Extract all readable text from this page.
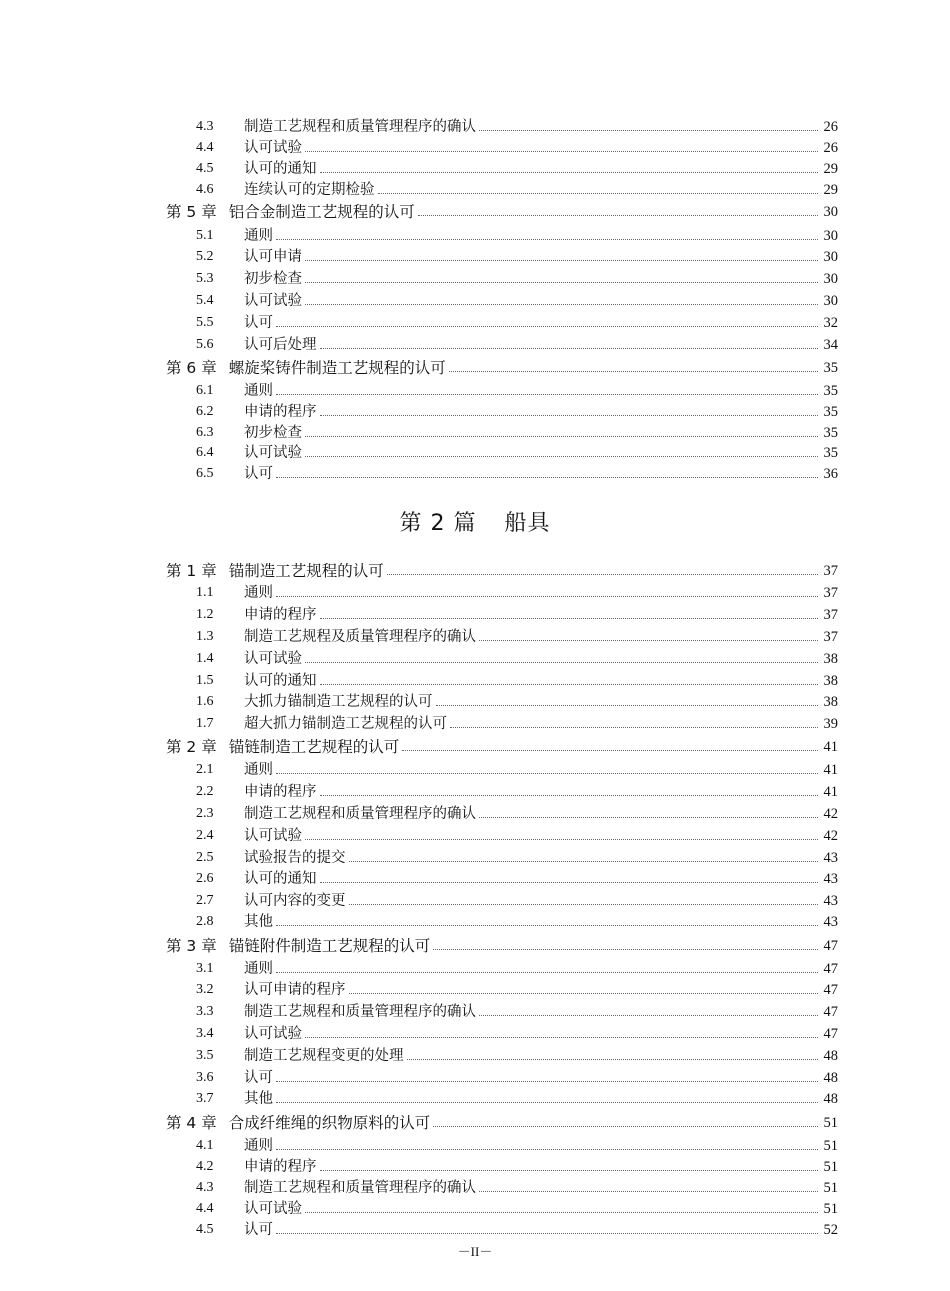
4.3	制造工艺规程和质量管理程序的确认	26
4.4	认可试验	26
4.5	认可的通知	29
4.6	连续认可的定期检验	29
第 5 章 铝合金制造工艺规程的认可	30
5.1	通则	30
5.2	认可申请	30
5.3	初步检查	30
5.4	认可试验	30
5.5	认可	32
5.6	认可后处理	34
第 6 章 螺旋桨铸件制造工艺规程的认可	35
6.1	通则	35
6.2	申请的程序	35
6.3	初步检查	35
6.4	认可试验	35
6.5	认可	36
第 2 篇 船具
第 1 章 锚制造工艺规程的认可	37
1.1	通则	37
1.2	申请的程序	37
1.3	制造工艺规程及质量管理程序的确认	37
1.4	认可试验	38
1.5	认可的通知	38
1.6	大抓力锚制造工艺规程的认可	38
1.7	超大抓力锚制造工艺规程的认可	39
第 2 章 锚链制造工艺规程的认可	41
2.1	通则	41
2.2	申请的程序	41
2.3	制造工艺规程和质量管理程序的确认	42
2.4	认可试验	42
2.5	试验报告的提交	43
2.6	认可的通知	43
2.7	认可内容的变更	43
2.8	其他	43
第 3 章 锚链附件制造工艺规程的认可	47
3.1	通则	47
3.2	认可申请的程序	47
3.3	制造工艺规程和质量管理程序的确认	47
3.4	认可试验	47
3.5	制造工艺规程变更的处理	48
3.6	认可	48
3.7	其他	48
第 4 章 合成纤维绳的织物原料的认可	51
4.1	通则	51
4.2	申请的程序	51
4.3	制造工艺规程和质量管理程序的确认	51
4.4	认可试验	51
4.5	认可	52
－II－
